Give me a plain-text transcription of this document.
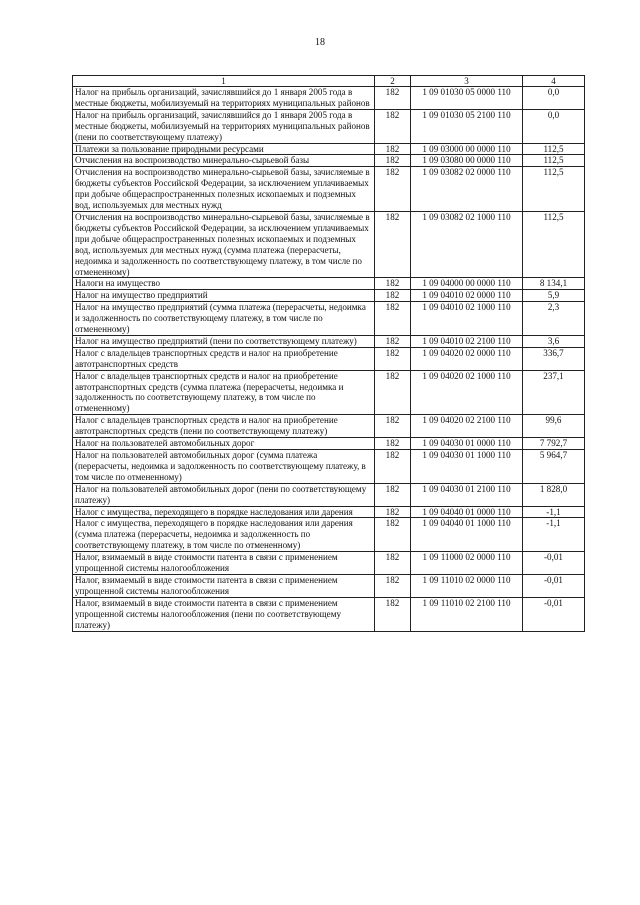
18
1	2	3	4
Налог на прибыль организаций, зачислявшийся до 1 января 2005 года в местные бюджеты, мобилизуемый на территориях муниципальных районов	182	1 09 01030 05 0000 110	0,0
Налог на прибыль организаций, зачислявшийся до 1 января 2005 года в местные бюджеты, мобилизуемый на территориях муниципальных районов (пени по соответствующему платежу)	182	1 09 01030 05 2100 110	0,0
Платежи за пользование природными ресурсами	182	1 09 03000 00 0000 110	112,5
Отчисления на воспроизводство минерально-сырьевой базы	182	1 09 03080 00 0000 110	112,5
Отчисления на воспроизводство минерально-сырьевой базы, зачисляемые в бюджеты субъектов Российской Федерации, за исключением уплачиваемых при добыче общераспространенных полезных ископаемых и подземных вод, используемых для местных нужд	182	1 09 03082 02 0000 110	112,5
Отчисления на воспроизводство минерально-сырьевой базы, зачисляемые в бюджеты субъектов Российской Федерации, за исключением уплачиваемых при добыче общераспространенных полезных ископаемых и подземных вод, используемых для местных нужд (сумма платежа (перерасчеты, недоимка и задолженность по соответствующему платежу, в том числе по отмененному)	182	1 09 03082 02 1000 110	112,5
Налоги на имущество	182	1 09 04000 00 0000 110	8 134,1
Налог на имущество предприятий	182	1 09 04010 02 0000 110	5,9
Налог на имущество предприятий (сумма платежа (перерасчеты, недоимка и задолженность по соответствующему платежу, в том числе по отмененному)	182	1 09 04010 02 1000 110	2,3
Налог на имущество предприятий (пени по соответствующему платежу)	182	1 09 04010 02 2100 110	3,6
Налог с владельцев транспортных средств и налог на приобретение автотранспортных средств	182	1 09 04020 02 0000 110	336,7
Налог с владельцев транспортных средств и налог на приобретение автотранспортных средств (сумма платежа (перерасчеты, недоимка и задолженность по соответствующему платежу, в том числе по отмененному)	182	1 09 04020 02 1000 110	237,1
Налог с владельцев транспортных средств и налог на приобретение автотранспортных средств (пени по соответствующему платежу)	182	1 09 04020 02 2100 110	99,6
Налог на пользователей автомобильных дорог	182	1 09 04030 01 0000 110	7 792,7
Налог на пользователей автомобильных дорог (сумма платежа (перерасчеты, недоимка и задолженность по соответствующему платежу, в том числе по отмененному)	182	1 09 04030 01 1000 110	5 964,7
Налог на пользователей автомобильных дорог (пени по соответствующему платежу)	182	1 09 04030 01 2100 110	1 828,0
Налог с имущества, переходящего в порядке наследования или дарения	182	1 09 04040 01 0000 110	-1,1
Налог с имущества, переходящего в порядке наследования или дарения (сумма платежа (перерасчеты, недоимка и задолженность по соответствующему платежу, в том числе по отмененному)	182	1 09 04040 01 1000 110	-1,1
Налог, взимаемый в виде стоимости патента в связи с применением упрощенной системы налогообложения	182	1 09 11000 02 0000 110	-0,01
Налог, взимаемый в виде стоимости патента в связи с применением упрощенной системы налогообложения	182	1 09 11010 02 0000 110	-0,01
Налог, взимаемый в виде стоимости патента в связи с применением упрощенной системы налогообложения (пени по соответствующему платежу)	182	1 09 11010 02 2100 110	-0,01
